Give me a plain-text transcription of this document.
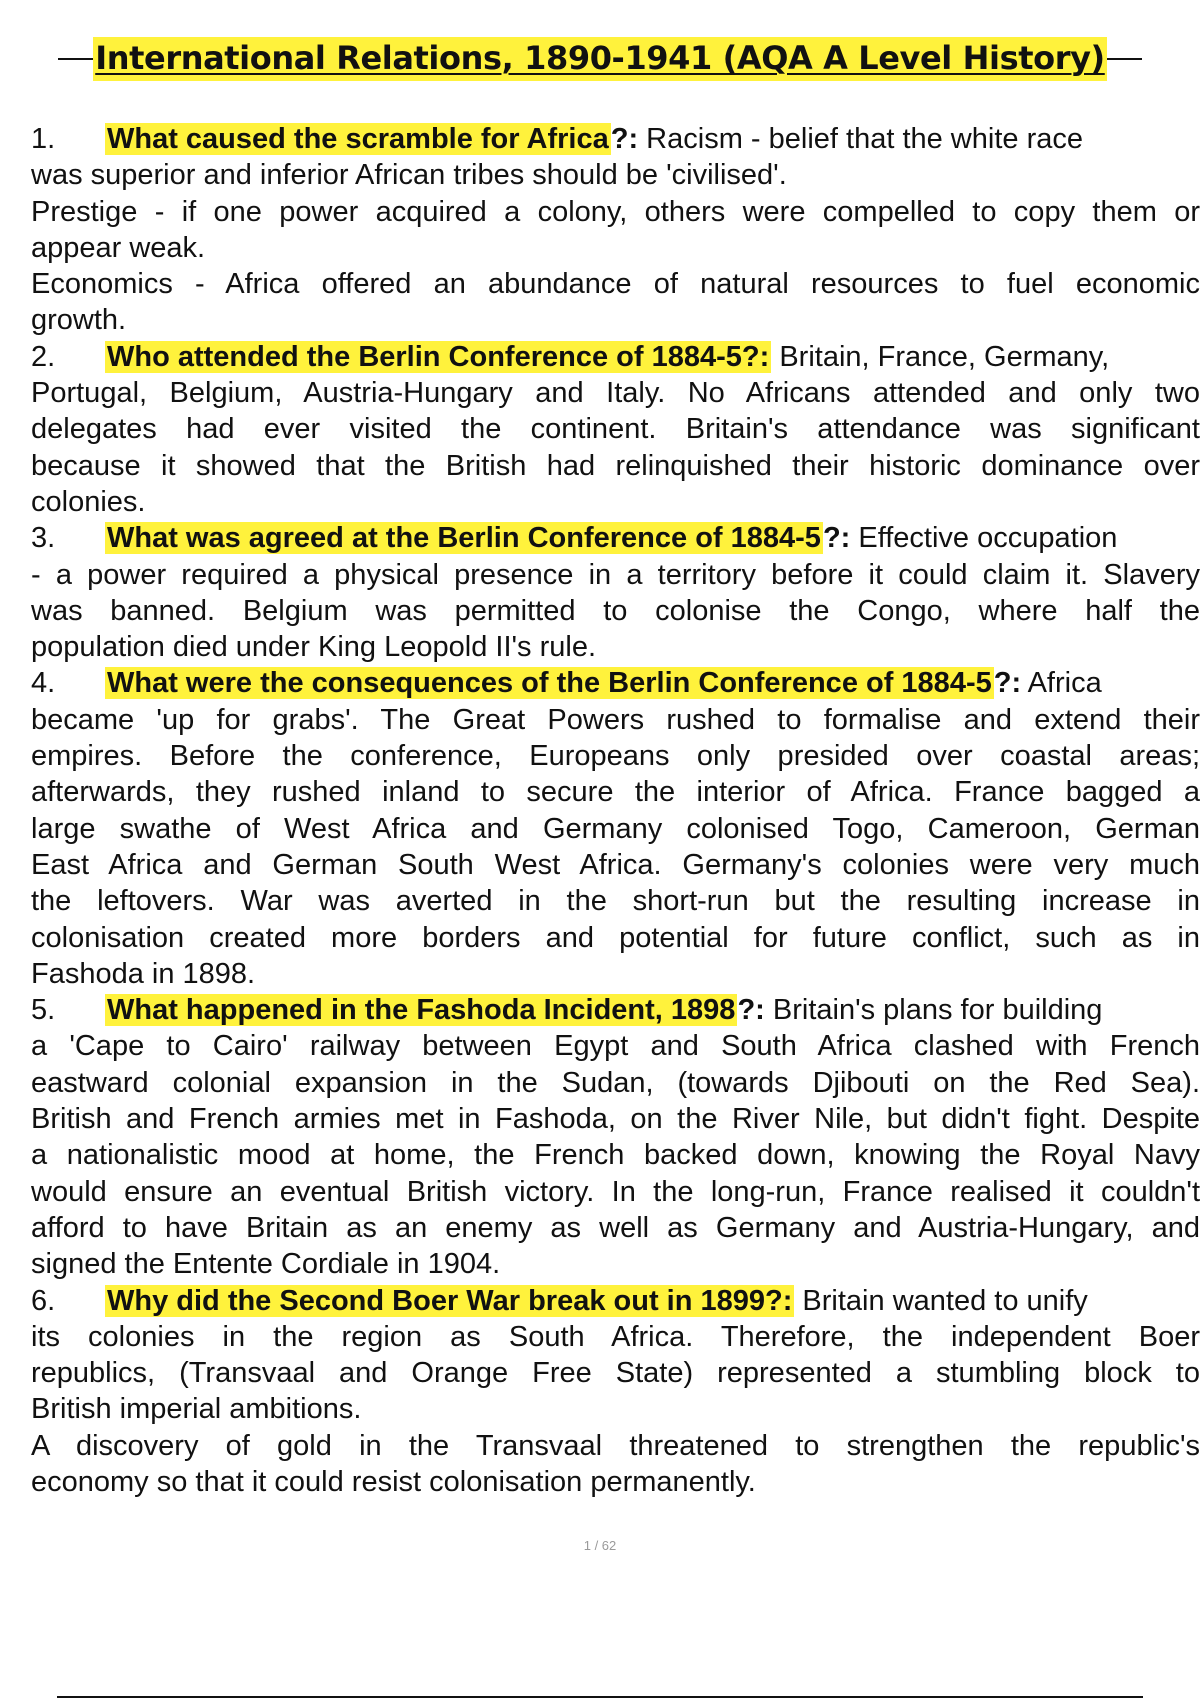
International Relations, 1890-1941 (AQA A Level History)
1. What caused the scramble for Africa?: Racism - belief that the white race
was superior and inferior African tribes should be 'civilised'.
Prestige - if one power acquired a colony, others were compelled to copy them or
appear weak.
Economics - Africa offered an abundance of natural resources to fuel economic
growth.
2. Who attended the Berlin Conference of 1884-5?: Britain, France, Germany,
Portugal, Belgium, Austria-Hungary and Italy. No Africans attended and only two
delegates had ever visited the continent. Britain's attendance was significant
because it showed that the British had relinquished their historic dominance over
colonies.
3. What was agreed at the Berlin Conference of 1884-5?: Effective occupation
- a power required a physical presence in a territory before it could claim it. Slavery
was banned. Belgium was permitted to colonise the Congo, where half the
population died under King Leopold II's rule.
4. What were the consequences of the Berlin Conference of 1884-5?: Africa
became 'up for grabs'. The Great Powers rushed to formalise and extend their
empires. Before the conference, Europeans only presided over coastal areas;
afterwards, they rushed inland to secure the interior of Africa. France bagged a
large swathe of West Africa and Germany colonised Togo, Cameroon, German
East Africa and German South West Africa. Germany's colonies were very much
the leftovers. War was averted in the short-run but the resulting increase in
colonisation created more borders and potential for future conflict, such as in
Fashoda in 1898.
5. What happened in the Fashoda Incident, 1898?: Britain's plans for building
a 'Cape to Cairo' railway between Egypt and South Africa clashed with French
eastward colonial expansion in the Sudan, (towards Djibouti on the Red Sea).
British and French armies met in Fashoda, on the River Nile, but didn't fight. Despite
a nationalistic mood at home, the French backed down, knowing the Royal Navy
would ensure an eventual British victory. In the long-run, France realised it couldn't
afford to have Britain as an enemy as well as Germany and Austria-Hungary, and
signed the Entente Cordiale in 1904.
6. Why did the Second Boer War break out in 1899?: Britain wanted to unify
its colonies in the region as South Africa. Therefore, the independent Boer
republics, (Transvaal and Orange Free State) represented a stumbling block to
British imperial ambitions.
A discovery of gold in the Transvaal threatened to strengthen the republic's
economy so that it could resist colonisation permanently.
1 / 62
